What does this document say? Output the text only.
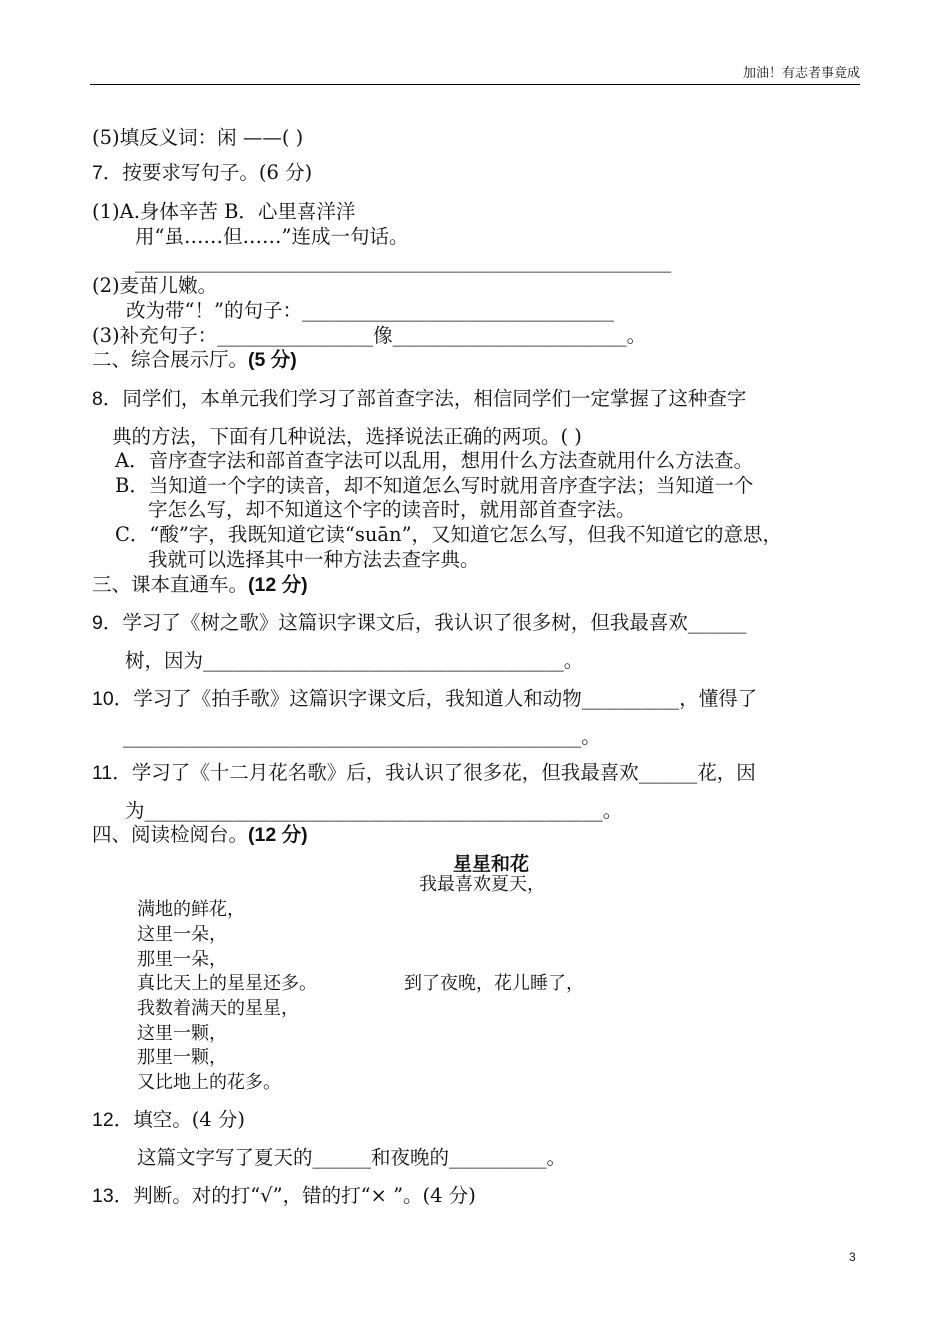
加油！有志者事竟成
(5)填反义词：闲 ——( )
7．按要求写句子。(6 分)
(1)A.身体辛苦 B．心里喜洋洋
用“虽……但……”连成一句话。
_______________________________________________________
(2)麦苗儿嫩。
改为带“！”的句子：________________________________
(3)补充句子：________________像________________________。
二、综合展示厅。(5 分)
8．同学们，本单元我们学习了部首查字法，相信同学们一定掌握了这种查字
典的方法，下面有几种说法，选择说法正确的两项。( )
A．音序查字法和部首查字法可以乱用，想用什么方法查就用什么方法查。
B．当知道一个字的读音，却不知道怎么写时就用音序查字法；当知道一个
字怎么写，却不知道这个字的读音时，就用部首查字法。
C．“酸”字，我既知道它读“suān”，又知道它怎么写，但我不知道它的意思，
我就可以选择其中一种方法去查字典。
三、课本直通车。(12 分)
9．学习了《树之歌》这篇识字课文后，我认识了很多树，但我最喜欢______
树，因为_____________________________________。
10．学习了《拍手歌》这篇识字课文后，我知道人和动物__________，懂得了
_______________________________________________。
11．学习了《十二月花名歌》后，我认识了很多花，但我最喜欢______花，因
为_______________________________________________。
四、阅读检阅台。(12 分)
星星和花
我最喜欢夏天，
满地的鲜花，
这里一朵，
那里一朵，
真比天上的星星还多。	到了夜晚，花儿睡了，
我数着满天的星星，
这里一颗，
那里一颗，
又比地上的花多。
12．填空。(4 分)
这篇文字写了夏天的______和夜晚的__________。
13．判断。对的打“√”，错的打“× ”。(4 分)
3
